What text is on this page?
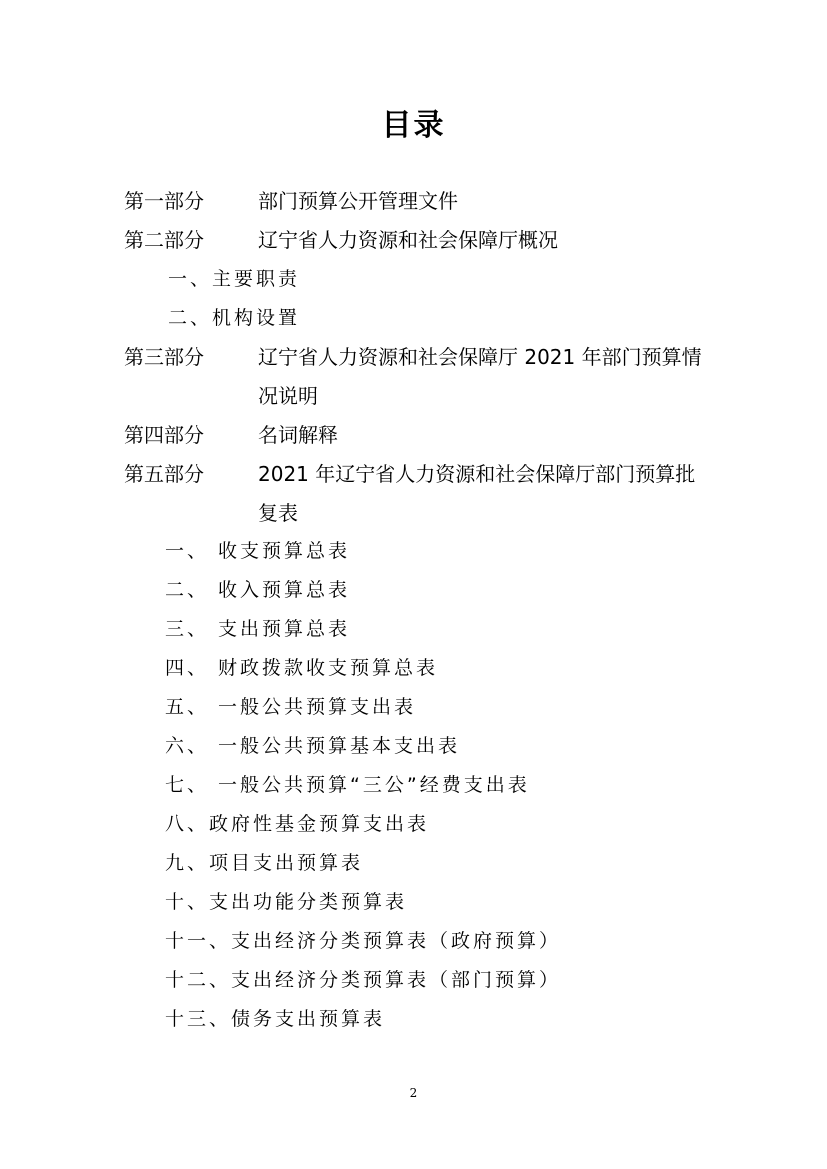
目录
第一部分	部门预算公开管理文件
第二部分	辽宁省人力资源和社会保障厅概况
一、主要职责
二、机构设置
第三部分	辽宁省人力资源和社会保障厅 2021 年部门预算情况说明
第四部分	名词解释
第五部分	2021 年辽宁省人力资源和社会保障厅部门预算批复表
一、 收支预算总表
二、 收入预算总表
三、 支出预算总表
四、 财政拨款收支预算总表
五、 一般公共预算支出表
六、 一般公共预算基本支出表
七、 一般公共预算“三公”经费支出表
八、政府性基金预算支出表
九、项目支出预算表
十、支出功能分类预算表
十一、支出经济分类预算表（政府预算）
十二、支出经济分类预算表（部门预算）
十三、债务支出预算表
2
